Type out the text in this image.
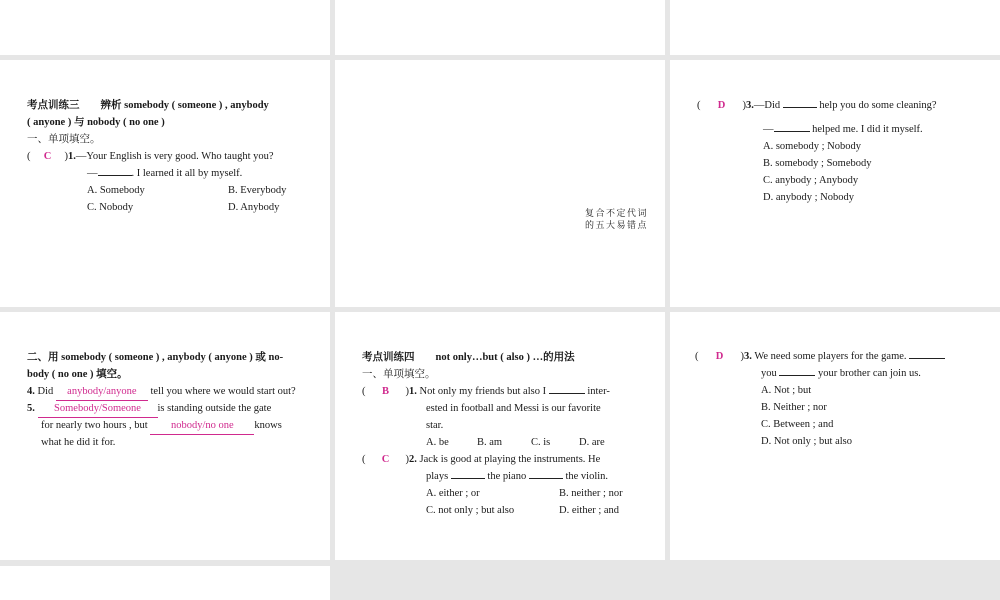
考点训练三　　辨析 somebody ( someone ) , anybody
( anyone ) 与 nobody ( no one )
一、单项填空。
( C )1.—Your English is very good. Who taught you?
—	. I learned it all by myself.
A. Somebody	B. Everybody
C. Nobody	D. Anybody
复合不定代词
的五大易错点
( D )3.—Did	help you do some cleaning?
—	helped me. I did it myself.
A. somebody ; Nobody
B. somebody ; Somebody
C. anybody ; Anybody
D. anybody ; Nobody
二、用 somebody ( someone ) , anybody ( anyone ) 或 no-
body ( no one ) 填空。
4. Did anybody/anyone tell you where we would start out?
5. Somebody/Someone is standing outside the gate
for nearly two hours , but nobody/no one knows
what he did it for.
考点训练四　　not only…but ( also ) …的用法
一、单项填空。
( B )1. Not only my friends but also I	inter-
ested in football and Messi is our favorite
star.
A. be	B. am	C. is	D. are
( C )2. Jack is good at playing the instruments. He
plays	the piano	the violin.
A. either ; or	B. neither ; nor
C. not only ; but also	D. either ; and
( D )3. We need some players for the game.
you	your brother can join us.
A. Not ; but
B. Neither ; nor
C. Between ; and
D. Not only ; but also
